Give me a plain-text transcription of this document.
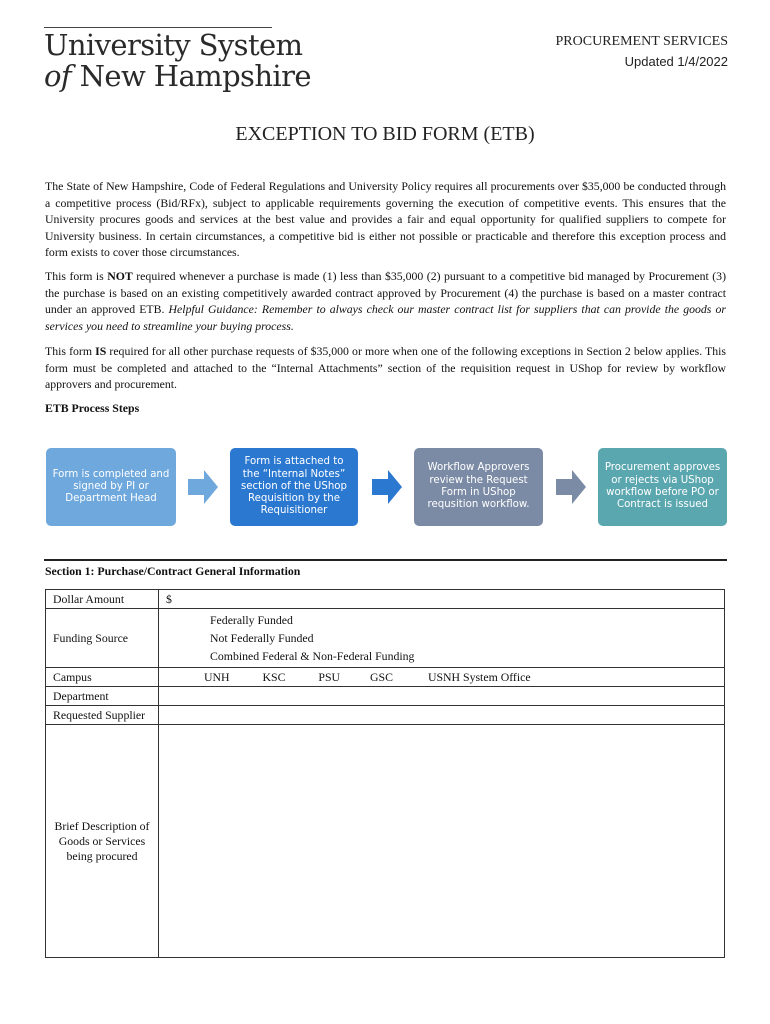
University System
of New Hampshire
PROCUREMENT SERVICES
Updated 1/4/2022
EXCEPTION TO BID FORM (ETB)
The State of New Hampshire, Code of Federal Regulations and University Policy requires all procurements over $35,000 be conducted through a competitive process (Bid/RFx), subject to applicable requirements governing the execution of competitive events. This ensures that the University procures goods and services at the best value and provides a fair and equal opportunity for qualified suppliers to compete for University business. In certain circumstances, a competitive bid is either not possible or practicable and therefore this exception process and form exists to cover those circumstances.
This form is NOT required whenever a purchase is made (1) less than $35,000 (2) pursuant to a competitive bid managed by Procurement (3) the purchase is based on an existing competitively awarded contract approved by Procurement (4) the purchase is based on a master contract under an approved ETB. Helpful Guidance: Remember to always check our master contract list for suppliers that can provide the goods or services you need to streamline your buying process.
This form IS required for all other purchase requests of $35,000 or more when one of the following exceptions in Section 2 below applies. This form must be completed and attached to the “Internal Attachments” section of the requisition request in UShop for review by workflow approvers and procurement.
ETB Process Steps
Form is completed and signed by PI or Department Head
Form is attached to the “Internal Notes” section of the UShop Requisition by the Requisitioner
Workflow Approvers review the Request Form in UShop requsition workflow.
Procurement approves or rejects via UShop workflow before PO or Contract is issued
Section 1: Purchase/Contract General Information
Dollar Amount	$
Funding Source	Federally Funded
Not Federally Funded
Combined Federal & Non-Federal Funding

Campus	UNH KSC PSU GSC USNH System Office
Department	
Requested Supplier	
Brief Description of Goods or Services being procured	
